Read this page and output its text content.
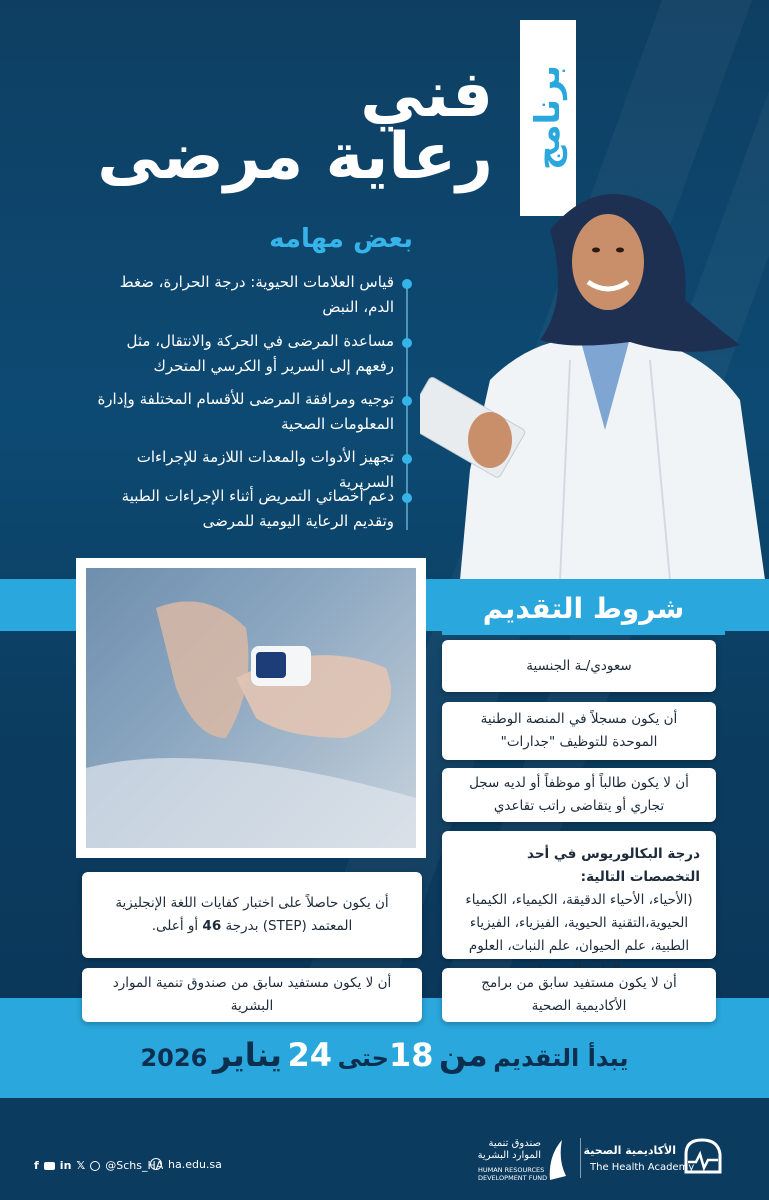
برنامج
فني
رعاية مرضى
بعض مهامه
قياس العلامات الحيوية: درجة الحرارة، ضغط الدم، النبض
مساعدة المرضى في الحركة والانتقال، مثل رفعهم إلى السرير أو الكرسي المتحرك
توجيه ومرافقة المرضى للأقسام المختلفة وإدارة المعلومات الصحية
تجهيز الأدوات والمعدات اللازمة للإجراءات السريرية
دعم أخصائي التمريض أثناء الإجراءات الطبية وتقديم الرعاية اليومية للمرضى
شروط التقديم
سعودي/ـة الجنسية
أن يكون مسجلاً في المنصة الوطنية الموحدة للتوظيف "جدارات"
أن لا يكون طالباً أو موظفاً أو لديه سجل تجاري أو يتقاضى راتب تقاعدي
درجة البكالوريوس في أحد التخصصات التالية:
(الأحياء، الأحياء الدقيقة، الكيمياء، الكيمياء الحيوية،التقنية الحيوية، الفيزياء، الفيزياء الطبية، علم الحيوان، علم النبات، العلوم
أن يكون حاصلاً على اختبار كفايات اللغة الإنجليزية المعتمد (STEP) بدرجة 46 أو أعلى.
أن لا يكون مستفيد سابق من صندوق تنمية الموارد البشرية
أن لا يكون مستفيد سابق من برامج الأكاديمية الصحية
يبدأ التقديم من 18حتى 24 يناير 2026
f in 𝕏 @Schs_HA ha.edu.sa
صندوق تنمية
الموارد البشرية
HUMAN RESOURCES
DEVELOPMENT FUND
الأكاديمية الصحية
The Health Academy
